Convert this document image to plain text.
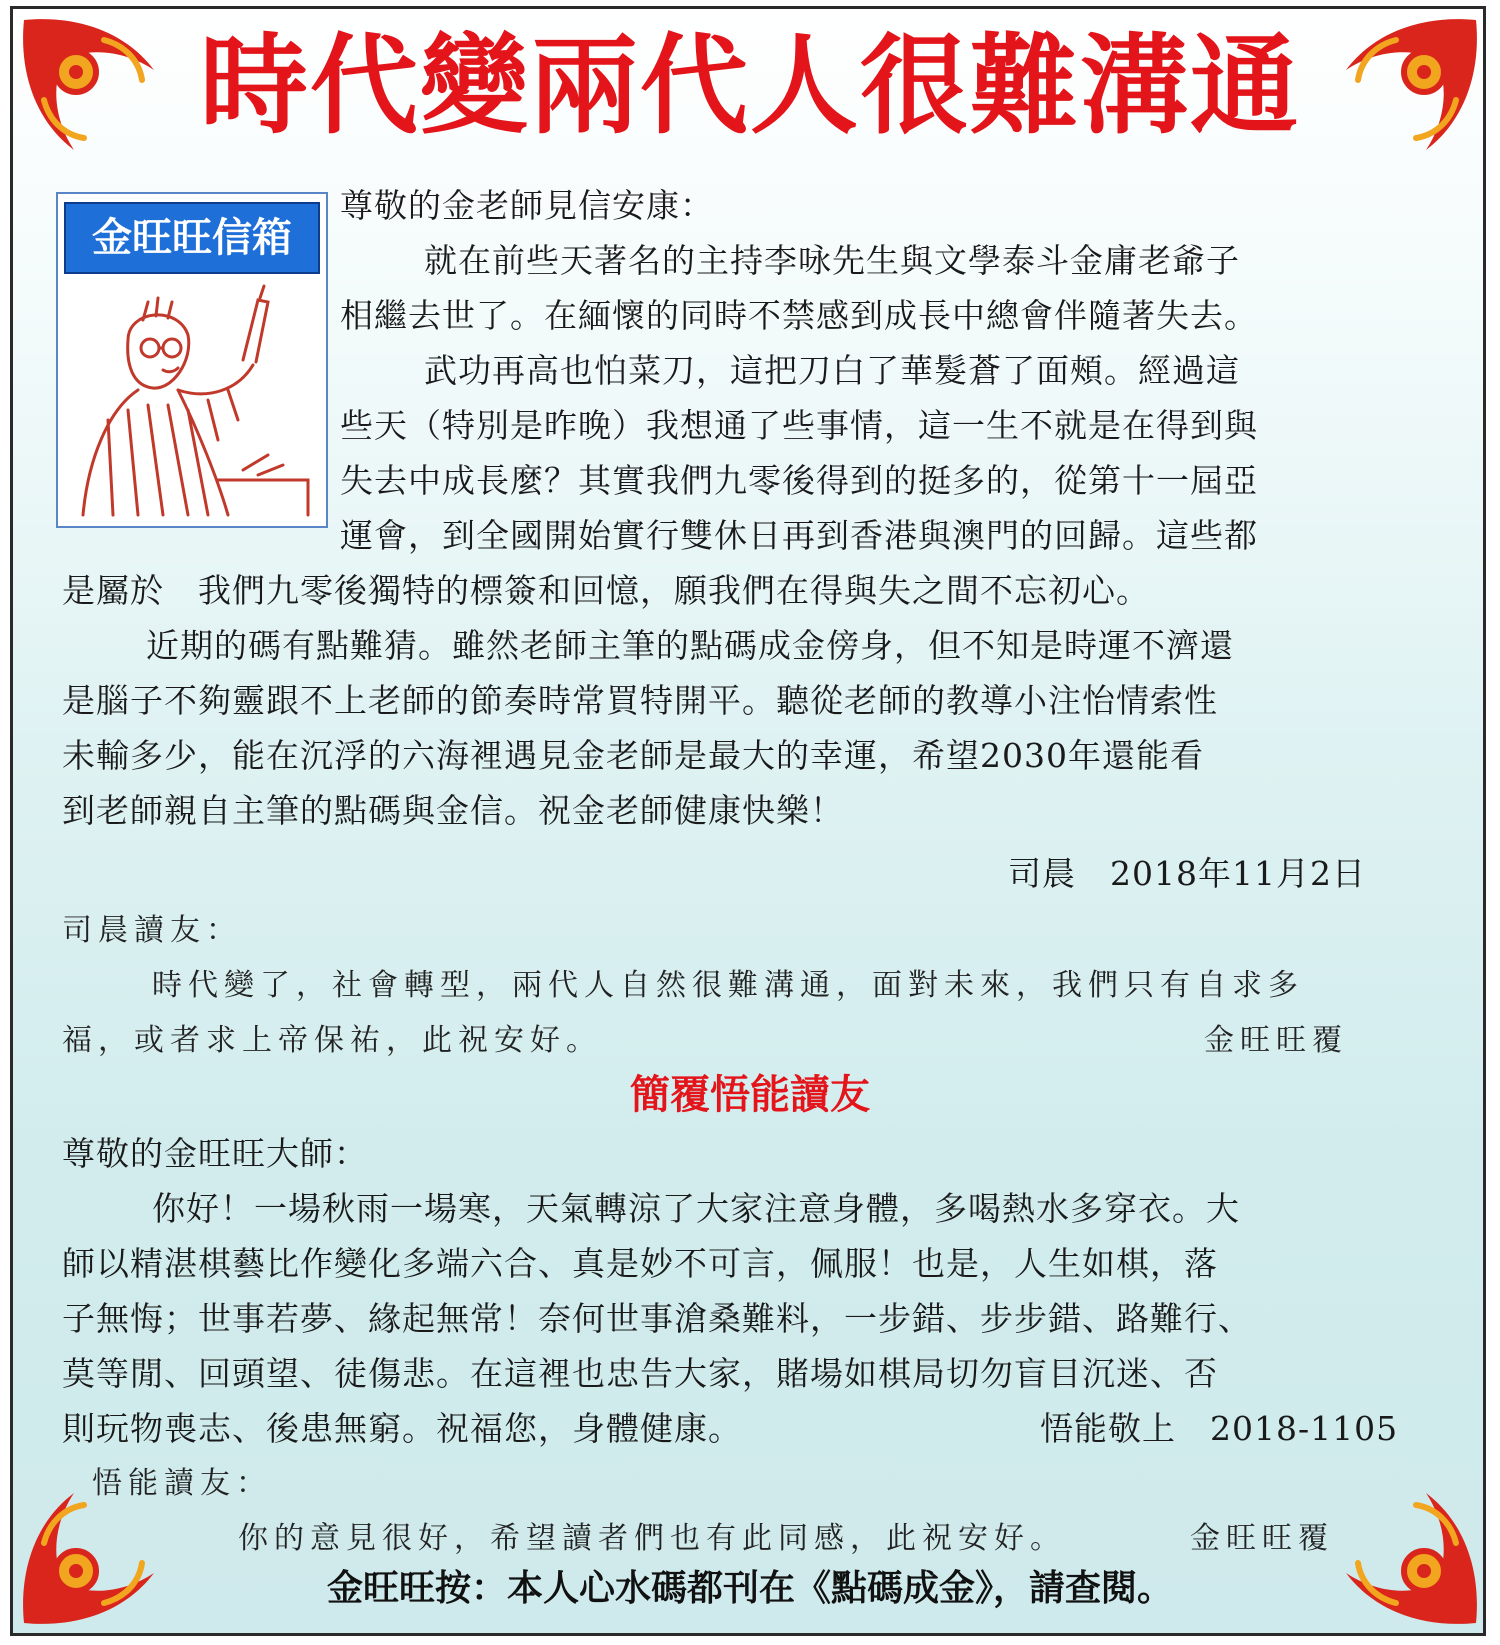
時代變兩代人很難溝通
金旺旺信箱
尊敬的金老師見信安康：
就在前些天著名的主持李咏先生與文學泰斗金庸老爺子
相繼去世了。在緬懷的同時不禁感到成長中總會伴隨著失去。
武功再高也怕菜刀，這把刀白了華髮蒼了面頰。經過這
些天（特別是昨晚）我想通了些事情，這一生不就是在得到與
失去中成長麼？其實我們九零後得到的挺多的，從第十一屆亞
運會，到全國開始實行雙休日再到香港與澳門的回歸。這些都
是屬於　我們九零後獨特的標簽和回憶，願我們在得與失之間不忘初心。
近期的碼有點難猜。雖然老師主筆的點碼成金傍身，但不知是時運不濟還
是腦子不夠靈跟不上老師的節奏時常買特開平。聽從老師的教導小注怡情索性
未輸多少，能在沉浮的六海裡遇見金老師是最大的幸運，希望2030年還能看
到老師親自主筆的點碼與金信。祝金老師健康快樂！
司晨　2018年11月2日
司晨讀友：
時代變了，社會轉型，兩代人自然很難溝通，面對未來，我們只有自求多
福，或者求上帝保祐，此祝安好。	金旺旺覆
簡覆悟能讀友
尊敬的金旺旺大師：
你好！一場秋雨一場寒，天氣轉涼了大家注意身體，多喝熱水多穿衣。大
師以精湛棋藝比作變化多端六合、真是妙不可言，佩服！也是，人生如棋，落
子無悔；世事若夢、緣起無常！奈何世事滄桑難料，一步錯、步步錯、路難行、
莫等閒、回頭望、徒傷悲。在這裡也忠告大家，賭場如棋局切勿盲目沉迷、否
則玩物喪志、後患無窮。祝福您，身體健康。	悟能敬上　2018-1105
悟能讀友：
你的意見很好，希望讀者們也有此同感，此祝安好。	金旺旺覆
金旺旺按：本人心水碼都刊在《點碼成金》，請查閱。
